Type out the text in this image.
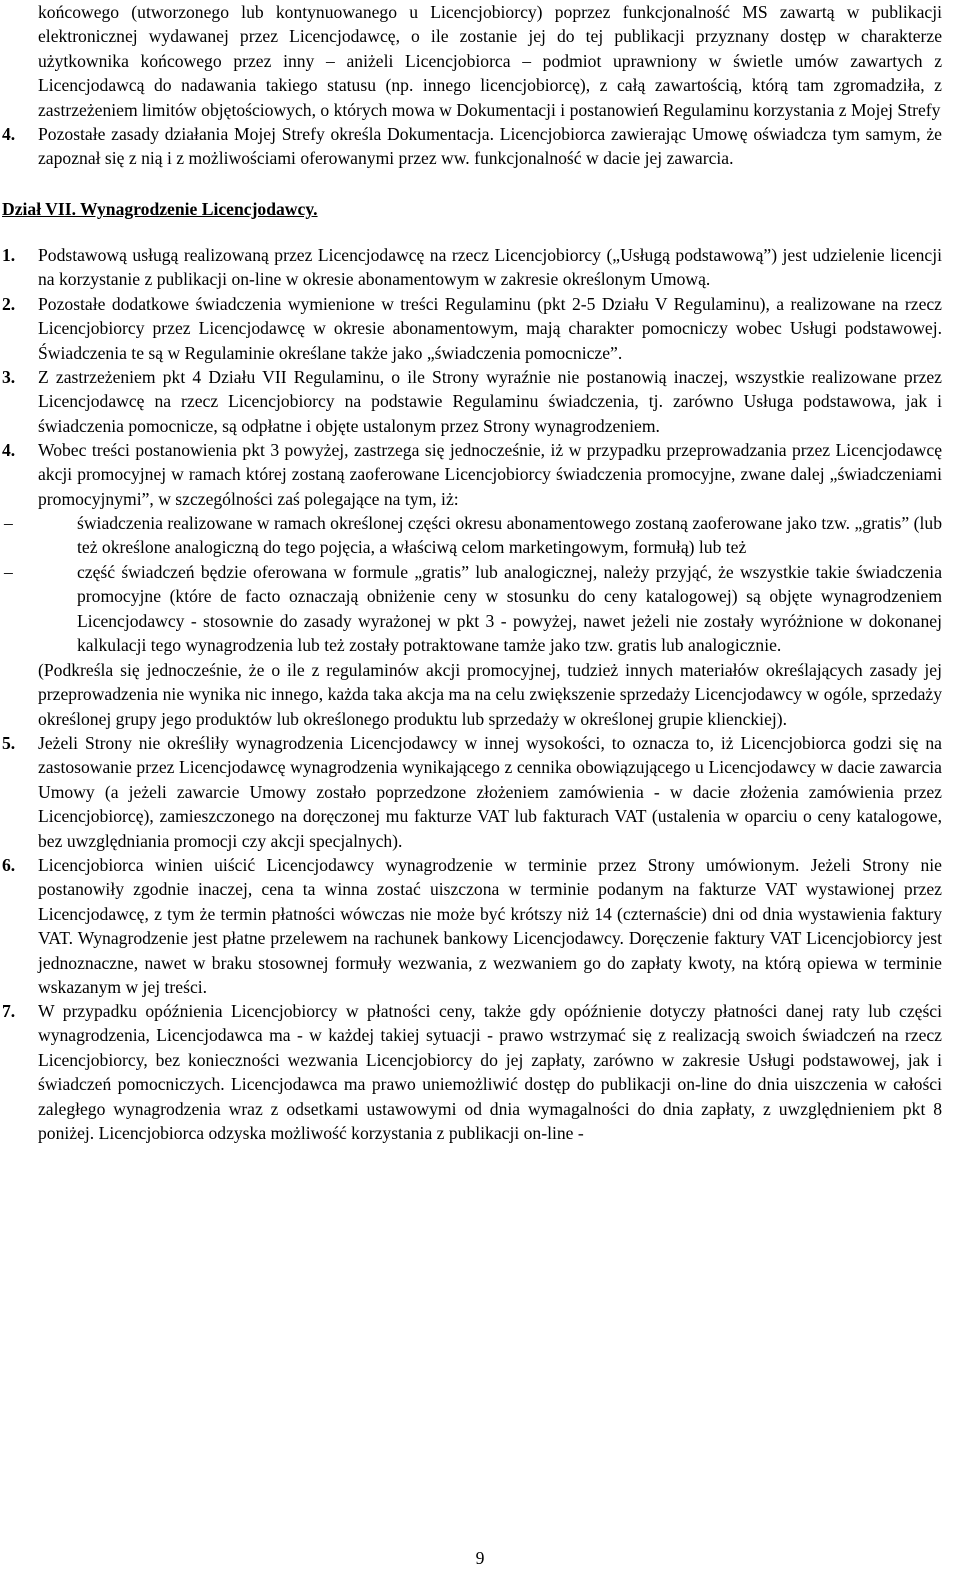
końcowego (utworzonego lub kontynuowanego u Licencjobiorcy) poprzez funkcjonalność MS zawartą w publikacji elektronicznej wydawanej przez Licencjodawcę, o ile zostanie jej do tej publikacji przyznany dostęp w charakterze użytkownika końcowego przez inny – aniżeli Licencjobiorca – podmiot uprawniony w świetle umów zawartych z Licencjodawcą do nadawania takiego statusu (np. innego licencjobiorcę), z całą zawartością, którą tam zgromadziła, z zastrzeżeniem limitów objętościowych, o których mowa w Dokumentacji i postanowień Regulaminu korzystania z Mojej Strefy

4.	Pozostałe zasady działania Mojej Strefy określa Dokumentacja. Licencjobiorca zawierając Umowę oświadcza tym samym, że zapoznał się z nią i z możliwościami oferowanymi przez ww. funkcjonalność w dacie jej zawarcia.

Dział VII. Wynagrodzenie Licencjodawcy.

1.	Podstawową usługą realizowaną przez Licencjodawcę na rzecz Licencjobiorcy („Usługą podstawową”) jest udzielenie licencji na korzystanie z publikacji on-line w okresie abonamentowym w zakresie określonym Umową.

2.	Pozostałe dodatkowe świadczenia wymienione w treści Regulaminu (pkt 2-5 Działu V Regulaminu), a realizowane na rzecz Licencjobiorcy przez Licencjodawcę w okresie abonamentowym, mają charakter pomocniczy wobec Usługi podstawowej. Świadczenia te są w Regulaminie określane także jako „świadczenia pomocnicze”.

3.	Z zastrzeżeniem pkt 4 Działu VII Regulaminu, o ile Strony wyraźnie nie postanowią inaczej, wszystkie realizowane przez Licencjodawcę na rzecz Licencjobiorcy na podstawie Regulaminu świadczenia, tj. zarówno Usługa podstawowa, jak i świadczenia pomocnicze, są odpłatne i objęte ustalonym przez Strony wynagrodzeniem.

4.	Wobec treści postanowienia pkt 3 powyżej, zastrzega się jednocześnie, iż w przypadku przeprowadzania przez Licencjodawcę akcji promocyjnej w ramach której zostaną zaoferowane Licencjobiorcy świadczenia promocyjne, zwane dalej „świadczeniami promocyjnymi”, w szczególności zaś polegające na tym, iż:

–	świadczenia realizowane w ramach określonej części okresu abonamentowego zostaną zaoferowane jako tzw. „gratis” (lub też określone analogiczną do tego pojęcia, a właściwą celom marketingowym, formułą) lub też

–	część świadczeń będzie oferowana w formule „gratis” lub analogicznej, należy przyjąć, że wszystkie takie świadczenia promocyjne (które de facto oznaczają obniżenie ceny w stosunku do ceny katalogowej) są objęte wynagrodzeniem Licencjodawcy - stosownie do zasady wyrażonej w pkt 3 - powyżej, nawet jeżeli nie zostały wyróżnione w dokonanej kalkulacji tego wynagrodzenia lub też zostały potraktowane tamże jako tzw. gratis lub analogicznie.

(Podkreśla się jednocześnie, że o ile z regulaminów akcji promocyjnej, tudzież innych materiałów określających zasady jej przeprowadzenia nie wynika nic innego, każda taka akcja ma na celu zwiększenie sprzedaży Licencjodawcy w ogóle, sprzedaży określonej grupy jego produktów lub określonego produktu lub sprzedaży w określonej grupie klienckiej).

5.	Jeżeli Strony nie określiły wynagrodzenia Licencjodawcy w innej wysokości, to oznacza to, iż Licencjobiorca godzi się na zastosowanie przez Licencjodawcę wynagrodzenia wynikającego z cennika obowiązującego u Licencjodawcy w dacie zawarcia Umowy (a jeżeli zawarcie Umowy zostało poprzedzone złożeniem zamówienia - w dacie złożenia zamówienia przez Licencjobiorcę), zamieszczonego na doręczonej mu fakturze VAT lub fakturach VAT (ustalenia w oparciu o ceny katalogowe, bez uwzględniania promocji czy akcji specjalnych).

6.	Licencjobiorca winien uiścić Licencjodawcy wynagrodzenie w terminie przez Strony umówionym. Jeżeli Strony nie postanowiły zgodnie inaczej, cena ta winna zostać uiszczona w terminie podanym na fakturze VAT wystawionej przez Licencjodawcę, z tym że termin płatności wówczas nie może być krótszy niż 14 (czternaście) dni od dnia wystawienia faktury VAT. Wynagrodzenie jest płatne przelewem na rachunek bankowy Licencjodawcy. Doręczenie faktury VAT Licencjobiorcy jest jednoznaczne, nawet w braku stosownej formuły wezwania, z wezwaniem go do zapłaty kwoty, na którą opiewa w terminie wskazanym w jej treści.

7.	W przypadku opóźnienia Licencjobiorcy w płatności ceny, także gdy opóźnienie dotyczy płatności danej raty lub części wynagrodzenia, Licencjodawca ma - w każdej takiej sytuacji - prawo wstrzymać się z realizacją swoich świadczeń na rzecz Licencjobiorcy, bez konieczności wezwania Licencjobiorcy do jej zapłaty, zarówno w zakresie Usługi podstawowej, jak i świadczeń pomocniczych. Licencjodawca ma prawo uniemożliwić dostęp do publikacji on-line do dnia uiszczenia w całości zaległego wynagrodzenia wraz z odsetkami ustawowymi od dnia wymagalności do dnia zapłaty, z uwzględnieniem pkt 8 poniżej. Licencjobiorca odzyska możliwość korzystania z publikacji on-line -

9
